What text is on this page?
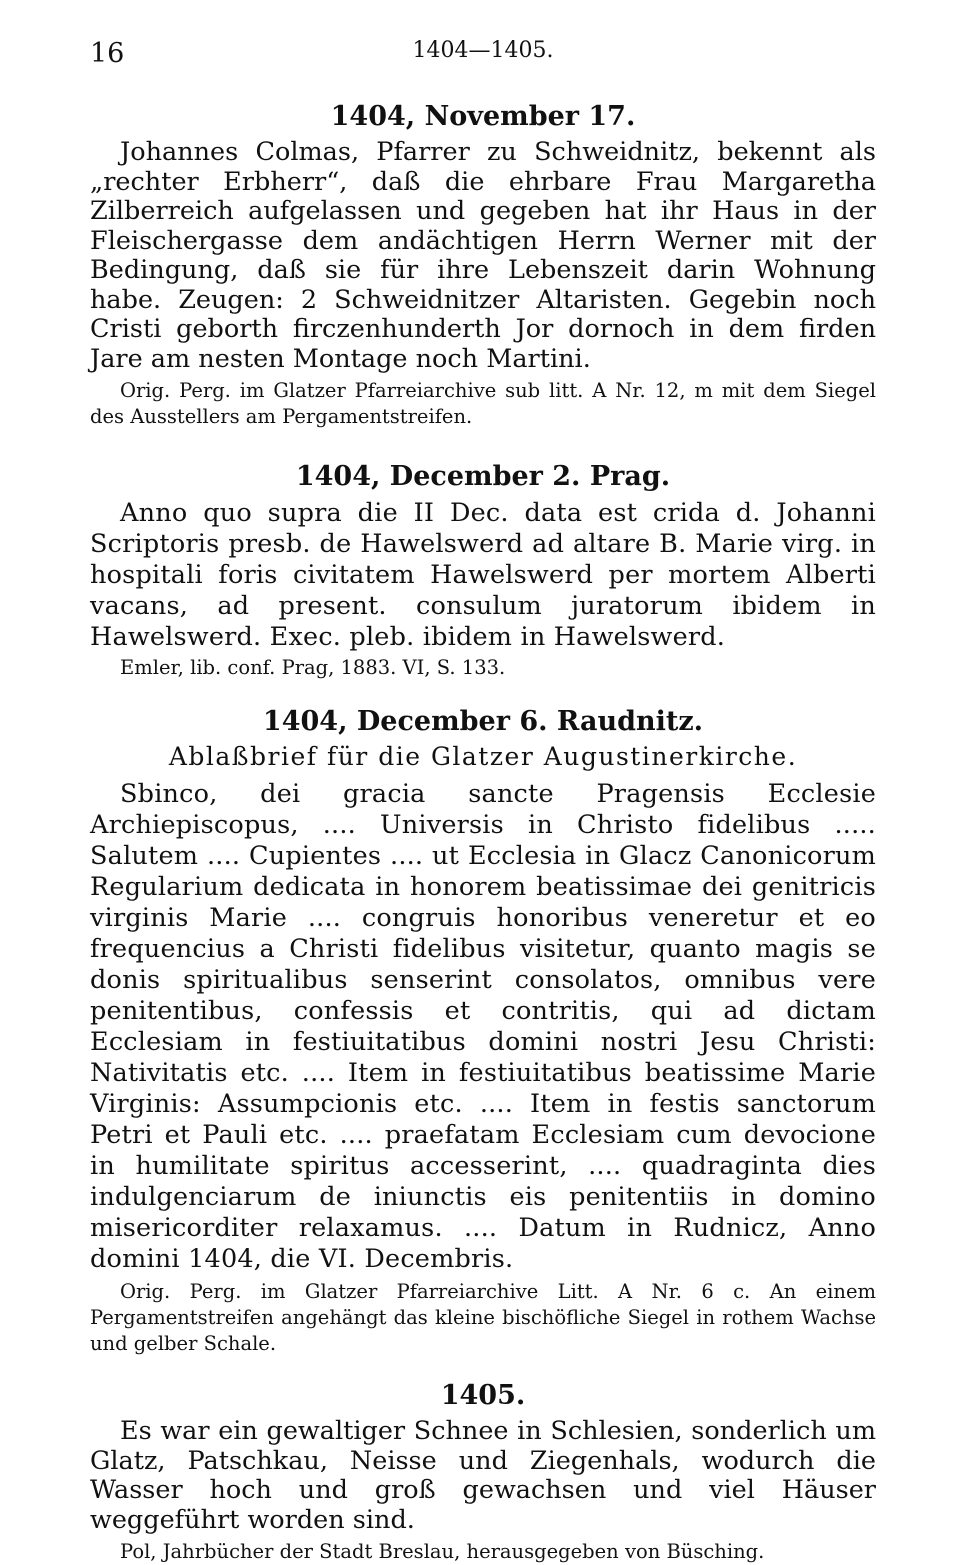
16	1404—1405.
1404, November 17.

Johannes Colmas, Pfarrer zu Schweidnitz, bekennt als „rechter Erbherr“, daß die ehrbare Frau Margaretha Zilberreich aufgelassen und gegeben hat ihr Haus in der Fleischergasse dem andächtigen Herrn Werner mit der Bedingung, daß sie für ihre Lebenszeit darin Wohnung habe. Zeugen: 2 Schweidnitzer Altaristen. Gegebin noch Cristi geborth firczenhunderth Jor dornoch in dem firden Jare am nesten Montage noch Martini.

Orig. Perg. im Glatzer Pfarreiarchive sub litt. A Nr. 12, m mit dem Siegel des Ausstellers am Pergamentstreifen.

1404, December 2. Prag.

Anno quo supra die II Dec. data est crida d. Johanni Scriptoris presb. de Hawelswerd ad altare B. Marie virg. in hospitali foris civitatem Hawelswerd per mortem Alberti vacans, ad present. consulum juratorum ibidem in Hawelswerd. Exec. pleb. ibidem in Hawelswerd.

Emler, lib. conf. Prag, 1883. VI, S. 133.

1404, December 6. Raudnitz.

Ablaßbrief für die Glatzer Augustinerkirche.

Sbinco, dei gracia sancte Pragensis Ecclesie Archiepiscopus, .... Universis in Christo fidelibus ..... Salutem .... Cupientes .... ut Ecclesia in Glacz Canonicorum Regularium dedicata in honorem beatissimae dei genitricis virginis Marie .... congruis honoribus veneretur et eo frequencius a Christi fidelibus visitetur, quanto magis se donis spiritualibus senserint consolatos, omnibus vere penitentibus, confessis et contritis, qui ad dictam Ecclesiam in festiuitatibus domini nostri Jesu Christi: Nativitatis etc. .... Item in festiuitatibus beatissime Marie Virginis: Assumpcionis etc. .... Item in festis sanctorum Petri et Pauli etc. .... praefatam Ecclesiam cum devocione in humilitate spiritus accesserint, .... quadraginta dies indulgenciarum de iniunctis eis penitentiis in domino misericorditer relaxamus. .... Datum in Rudnicz, Anno domini 1404, die VI. Decembris.

Orig. Perg. im Glatzer Pfarreiarchive Litt. A Nr. 6 c. An einem Pergamentstreifen angehängt das kleine bischöfliche Siegel in rothem Wachse und gelber Schale.

1405.

Es war ein gewaltiger Schnee in Schlesien, sonderlich um Glatz, Patschkau, Neisse und Ziegenhals, wodurch die Wasser hoch und groß gewachsen und viel Häuser weggeführt worden sind.

Pol, Jahrbücher der Stadt Breslau, herausgegeben von Büsching.
